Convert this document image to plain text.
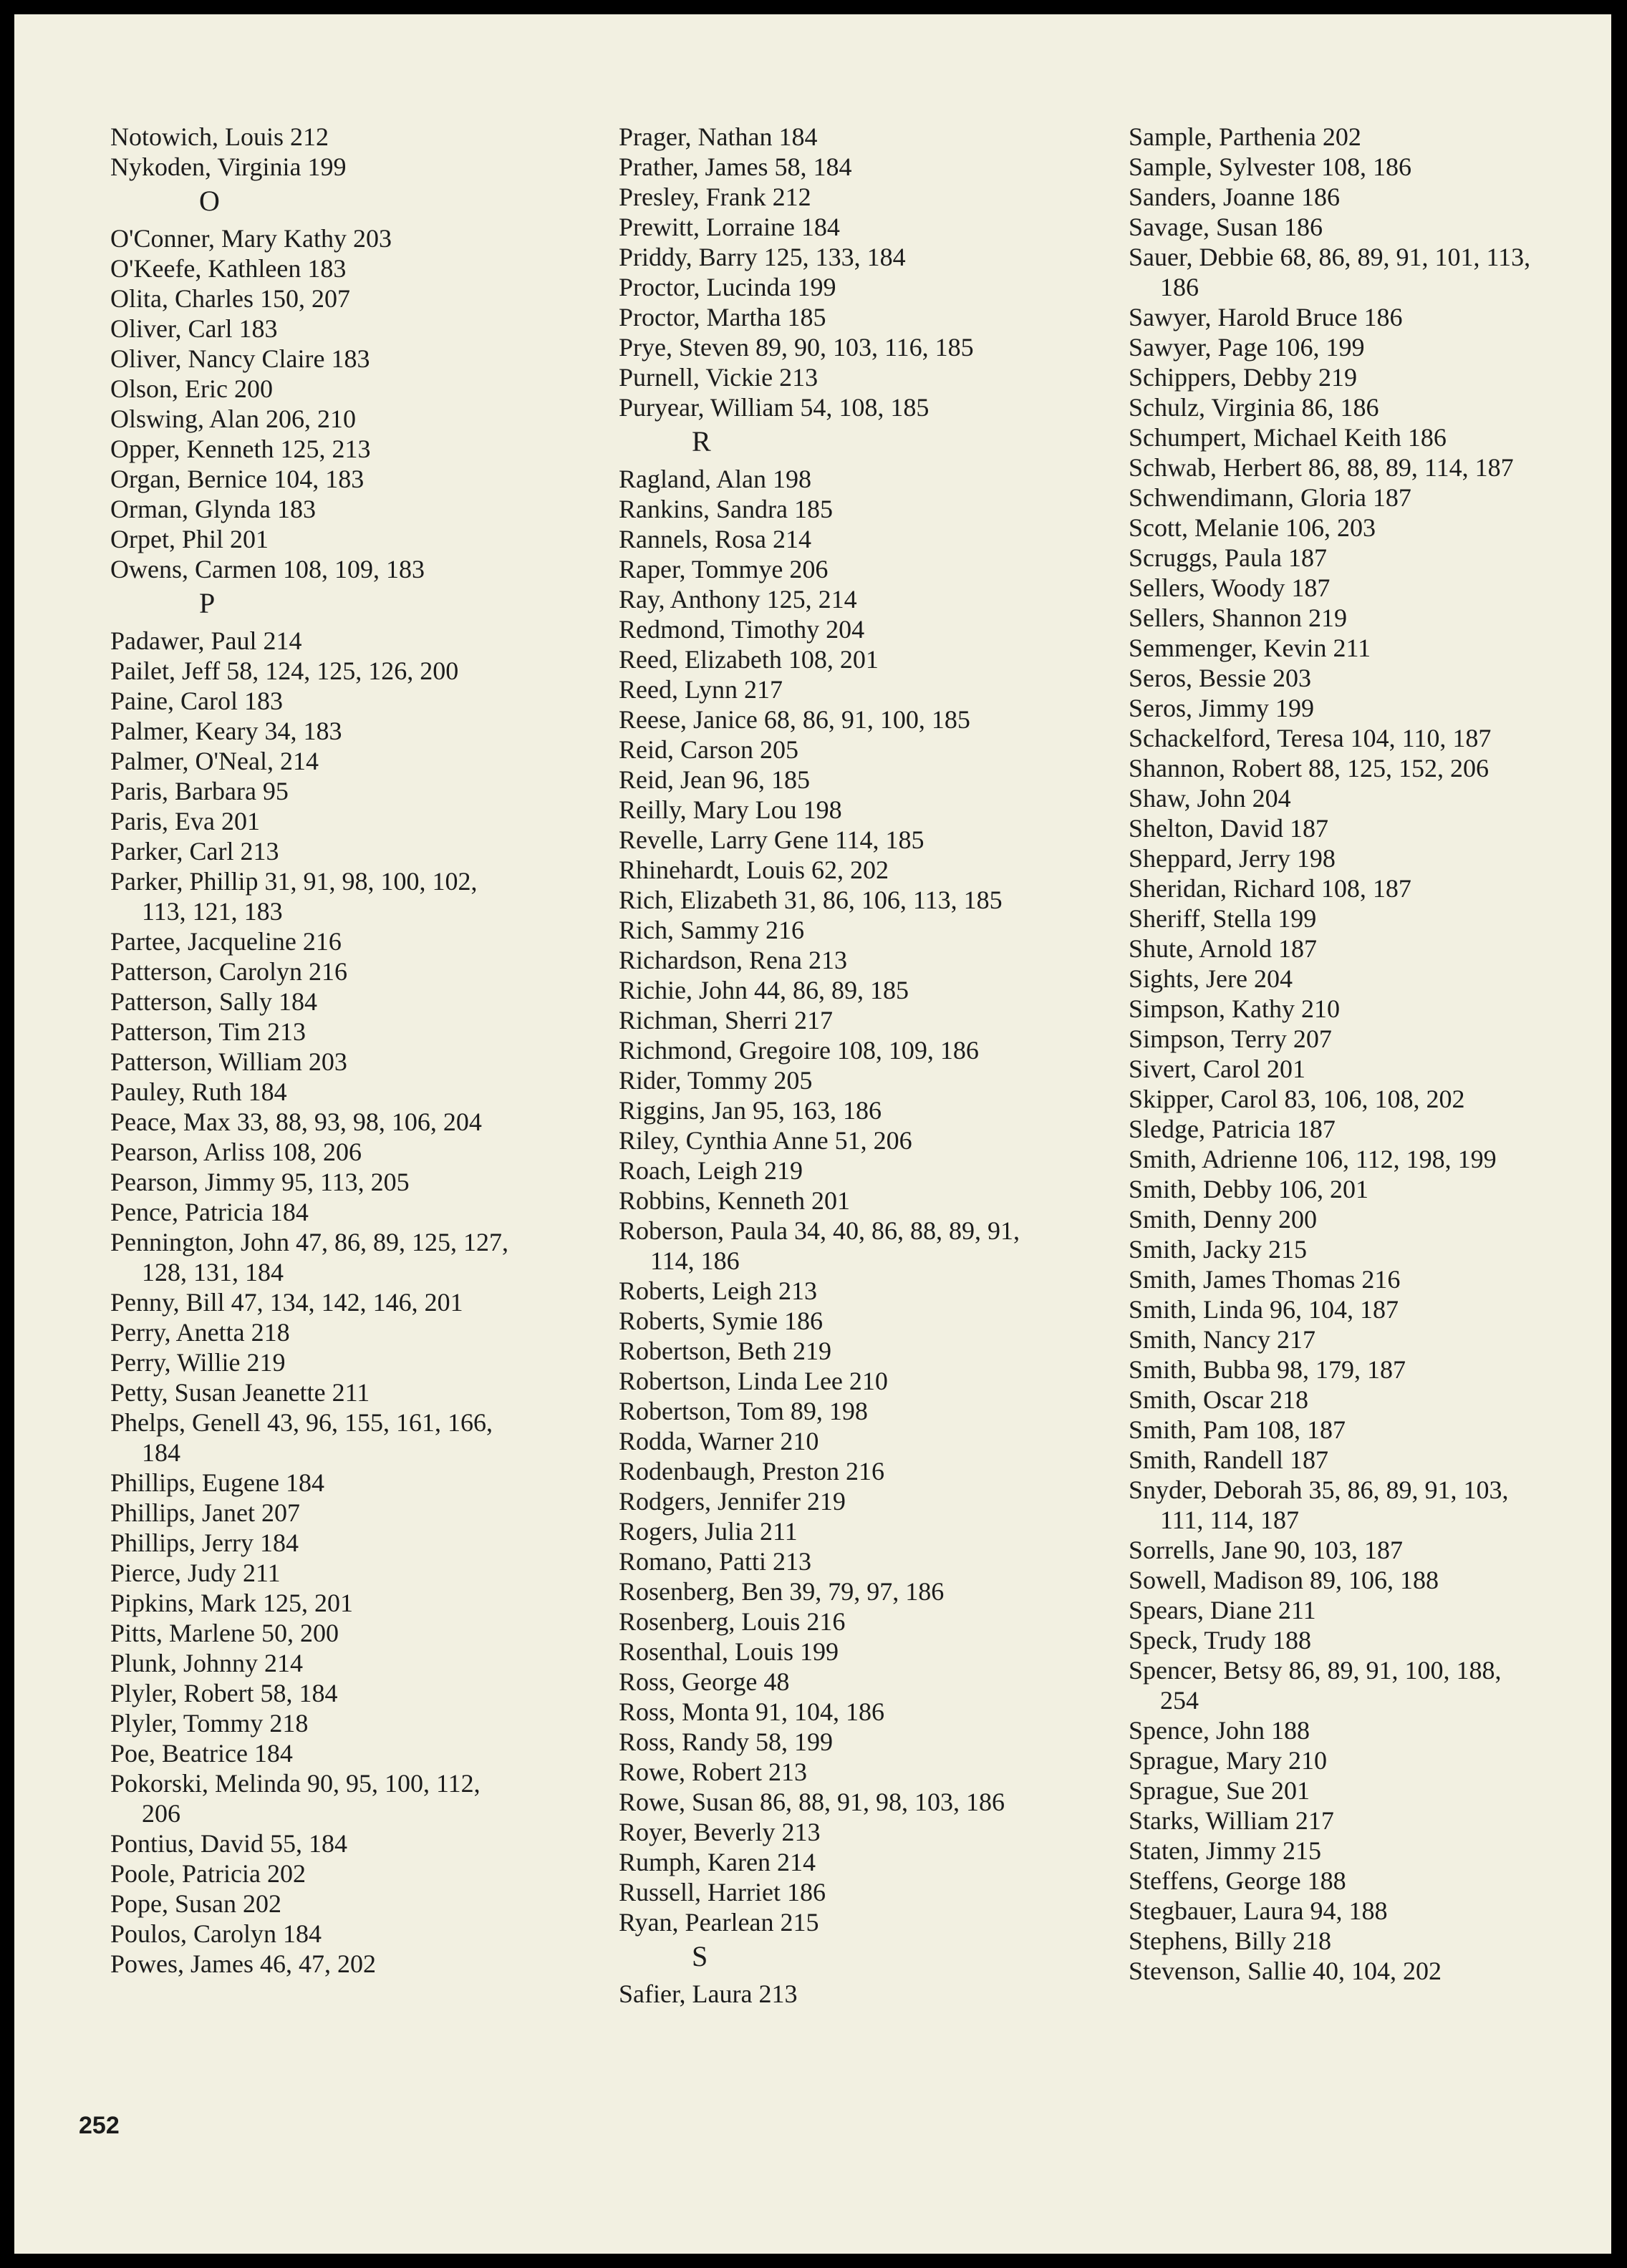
Notowich, Louis 212
Nykoden, Virginia 199
O
O'Conner, Mary Kathy 203
O'Keefe, Kathleen 183
Olita, Charles 150, 207
Oliver, Carl 183
Oliver, Nancy Claire 183
Olson, Eric 200
Olswing, Alan 206, 210
Opper, Kenneth 125, 213
Organ, Bernice 104, 183
Orman, Glynda 183
Orpet, Phil 201
Owens, Carmen 108, 109, 183
P
Padawer, Paul 214
Pailet, Jeff 58, 124, 125, 126, 200
Paine, Carol 183
Palmer, Keary 34, 183
Palmer, O'Neal, 214
Paris, Barbara 95
Paris, Eva 201
Parker, Carl 213
Parker, Phillip 31, 91, 98, 100, 102,
113, 121, 183
Partee, Jacqueline 216
Patterson, Carolyn 216
Patterson, Sally 184
Patterson, Tim 213
Patterson, William 203
Pauley, Ruth 184
Peace, Max 33, 88, 93, 98, 106, 204
Pearson, Arliss 108, 206
Pearson, Jimmy 95, 113, 205
Pence, Patricia 184
Pennington, John 47, 86, 89, 125, 127,
128, 131, 184
Penny, Bill 47, 134, 142, 146, 201
Perry, Anetta 218
Perry, Willie 219
Petty, Susan Jeanette 211
Phelps, Genell 43, 96, 155, 161, 166,
184
Phillips, Eugene 184
Phillips, Janet 207
Phillips, Jerry 184
Pierce, Judy 211
Pipkins, Mark 125, 201
Pitts, Marlene 50, 200
Plunk, Johnny 214
Plyler, Robert 58, 184
Plyler, Tommy 218
Poe, Beatrice 184
Pokorski, Melinda 90, 95, 100, 112,
206
Pontius, David 55, 184
Poole, Patricia 202
Pope, Susan 202
Poulos, Carolyn 184
Powes, James 46, 47, 202
Prager, Nathan 184
Prather, James 58, 184
Presley, Frank 212
Prewitt, Lorraine 184
Priddy, Barry 125, 133, 184
Proctor, Lucinda 199
Proctor, Martha 185
Prye, Steven 89, 90, 103, 116, 185
Purnell, Vickie 213
Puryear, William 54, 108, 185
R
Ragland, Alan 198
Rankins, Sandra 185
Rannels, Rosa 214
Raper, Tommye 206
Ray, Anthony 125, 214
Redmond, Timothy 204
Reed, Elizabeth 108, 201
Reed, Lynn 217
Reese, Janice 68, 86, 91, 100, 185
Reid, Carson 205
Reid, Jean 96, 185
Reilly, Mary Lou 198
Revelle, Larry Gene 114, 185
Rhinehardt, Louis 62, 202
Rich, Elizabeth 31, 86, 106, 113, 185
Rich, Sammy 216
Richardson, Rena 213
Richie, John 44, 86, 89, 185
Richman, Sherri 217
Richmond, Gregoire 108, 109, 186
Rider, Tommy 205
Riggins, Jan 95, 163, 186
Riley, Cynthia Anne 51, 206
Roach, Leigh 219
Robbins, Kenneth 201
Roberson, Paula 34, 40, 86, 88, 89, 91,
114, 186
Roberts, Leigh 213
Roberts, Symie 186
Robertson, Beth 219
Robertson, Linda Lee 210
Robertson, Tom 89, 198
Rodda, Warner 210
Rodenbaugh, Preston 216
Rodgers, Jennifer 219
Rogers, Julia 211
Romano, Patti 213
Rosenberg, Ben 39, 79, 97, 186
Rosenberg, Louis 216
Rosenthal, Louis 199
Ross, George 48
Ross, Monta 91, 104, 186
Ross, Randy 58, 199
Rowe, Robert 213
Rowe, Susan 86, 88, 91, 98, 103, 186
Royer, Beverly 213
Rumph, Karen 214
Russell, Harriet 186
Ryan, Pearlean 215
S
Safier, Laura 213
Sample, Parthenia 202
Sample, Sylvester 108, 186
Sanders, Joanne 186
Savage, Susan 186
Sauer, Debbie 68, 86, 89, 91, 101, 113,
186
Sawyer, Harold Bruce 186
Sawyer, Page 106, 199
Schippers, Debby 219
Schulz, Virginia 86, 186
Schumpert, Michael Keith 186
Schwab, Herbert 86, 88, 89, 114, 187
Schwendimann, Gloria 187
Scott, Melanie 106, 203
Scruggs, Paula 187
Sellers, Woody 187
Sellers, Shannon 219
Semmenger, Kevin 211
Seros, Bessie 203
Seros, Jimmy 199
Schackelford, Teresa 104, 110, 187
Shannon, Robert 88, 125, 152, 206
Shaw, John 204
Shelton, David 187
Sheppard, Jerry 198
Sheridan, Richard 108, 187
Sheriff, Stella 199
Shute, Arnold 187
Sights, Jere 204
Simpson, Kathy 210
Simpson, Terry 207
Sivert, Carol 201
Skipper, Carol 83, 106, 108, 202
Sledge, Patricia 187
Smith, Adrienne 106, 112, 198, 199
Smith, Debby 106, 201
Smith, Denny 200
Smith, Jacky 215
Smith, James Thomas 216
Smith, Linda 96, 104, 187
Smith, Nancy 217
Smith, Bubba 98, 179, 187
Smith, Oscar 218
Smith, Pam 108, 187
Smith, Randell 187
Snyder, Deborah 35, 86, 89, 91, 103,
111, 114, 187
Sorrells, Jane 90, 103, 187
Sowell, Madison 89, 106, 188
Spears, Diane 211
Speck, Trudy 188
Spencer, Betsy 86, 89, 91, 100, 188,
254
Spence, John 188
Sprague, Mary 210
Sprague, Sue 201
Starks, William 217
Staten, Jimmy 215
Steffens, George 188
Stegbauer, Laura 94, 188
Stephens, Billy 218
Stevenson, Sallie 40, 104, 202
252
